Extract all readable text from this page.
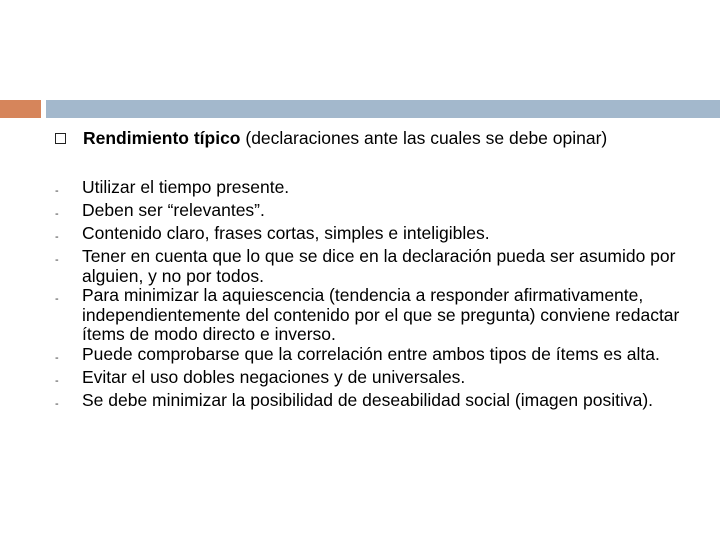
Rendimiento típico (declaraciones ante las cuales se debe opinar)
-	Utilizar el tiempo presente.
-	Deben ser “relevantes”.
-	Contenido claro, frases cortas, simples e inteligibles.
-	Tener en cuenta que lo que se dice en la declaración pueda ser asumido por alguien, y no por todos.
-	Para minimizar la aquiescencia (tendencia a responder afirmativamente, independientemente del contenido por el que se pregunta) conviene redactar ítems de modo directo e inverso.
-	Puede comprobarse que la correlación entre ambos tipos de ítems es alta.
-	Evitar el uso dobles negaciones y de universales.
-	Se debe minimizar la posibilidad de deseabilidad social (imagen positiva).
